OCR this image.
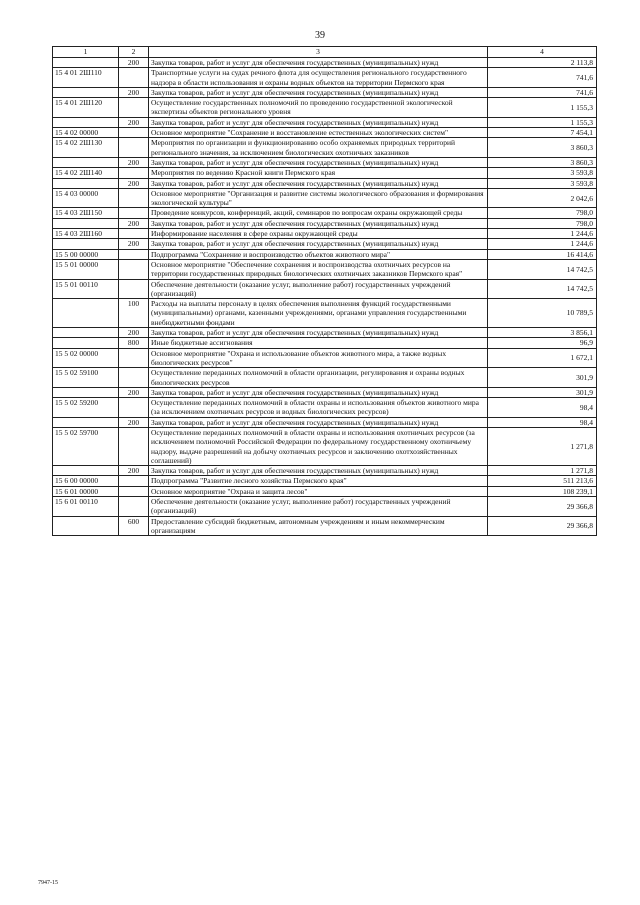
39
1	2	3	4
	200	Закупка товаров, работ и услуг для обеспечения государственных (муниципальных) нужд	2 113,8
15 4 01 2Ш110		Транспортные услуги на судах речного флота для осуществления регионального государственного надзора в области использования и охраны водных объектов на территории Пермского края	741,6
	200	Закупка товаров, работ и услуг для обеспечения государственных (муниципальных) нужд	741,6
15 4 01 2Ш120		Осуществление государственных полномочий по проведению государственной экологической экспертизы объектов регионального уровня	1 155,3
	200	Закупка товаров, работ и услуг для обеспечения государственных (муниципальных) нужд	1 155,3
15 4 02 00000		Основное мероприятие "Сохранение и восстановление естественных экологических систем"	7 454,1
15 4 02 2Ш130		Мероприятия по организации и функционированию особо охраняемых природных территорий регионального значения, за исключением биологических охотничьих заказников	3 860,3
	200	Закупка товаров, работ и услуг для обеспечения государственных (муниципальных) нужд	3 860,3
15 4 02 2Ш140		Мероприятия по ведению Красной книги Пермского края	3 593,8
	200	Закупка товаров, работ и услуг для обеспечения государственных (муниципальных) нужд	3 593,8
15 4 03 00000		Основное мероприятие "Организация и развитие системы экологического образования и формирования экологической культуры"	2 042,6
15 4 03 2Ш150		Проведение конкурсов, конференций, акций, семинаров по вопросам охраны окружающей среды	798,0
	200	Закупка товаров, работ и услуг для обеспечения государственных (муниципальных) нужд	798,0
15 4 03 2Ш160		Информирование населения в сфере охраны окружающей среды	1 244,6
	200	Закупка товаров, работ и услуг для обеспечения государственных (муниципальных) нужд	1 244,6
15 5 00 00000		Подпрограмма "Сохранение и воспроизводство объектов животного мира"	16 414,6
15 5 01 00000		Основное мероприятие "Обеспечение сохранения и воспроизводства охотничьих ресурсов на территории государственных природных биологических охотничьих заказников Пермского края"	14 742,5
15 5 01 00110		Обеспечение деятельности (оказание услуг, выполнение работ) государственных учреждений (организаций)	14 742,5
	100	Расходы на выплаты персоналу в целях обеспечения выполнения функций государственными (муниципальными) органами, казенными учреждениями, органами управления государственными внебюджетными фондами	10 789,5
	200	Закупка товаров, работ и услуг для обеспечения государственных (муниципальных) нужд	3 856,1
	800	Иные бюджетные ассигнования	96,9
15 5 02 00000		Основное мероприятие "Охрана и использование объектов животного мира, а также водных биологических ресурсов"	1 672,1
15 5 02 59100		Осуществление переданных полномочий в области организации, регулирования и охраны водных биологических ресурсов	301,9
	200	Закупка товаров, работ и услуг для обеспечения государственных (муниципальных) нужд	301,9
15 5 02 59200		Осуществление переданных полномочий в области охраны и использования объектов животного мира (за исключением охотничьих ресурсов и водных биологических ресурсов)	98,4
	200	Закупка товаров, работ и услуг для обеспечения государственных (муниципальных) нужд	98,4
15 5 02 59700		Осуществление переданных полномочий в области охраны и использования охотничьих ресурсов (за исключением полномочий Российской Федерации по федеральному государственному охотничьему надзору, выдаче разрешений на добычу охотничьих ресурсов и заключению охотхозяйственных соглашений)	1 271,8
	200	Закупка товаров, работ и услуг для обеспечения государственных (муниципальных) нужд	1 271,8
15 6 00 00000		Подпрограмма "Развитие лесного хозяйства Пермского края"	511 213,6
15 6 01 00000		Основное мероприятие "Охрана и защита лесов"	108 239,1
15 6 01 00110		Обеспечение деятельности (оказание услуг, выполнение работ) государственных учреждений (организаций)	29 366,8
	600	Предоставление субсидий бюджетным, автономным учреждениям и иным некоммерческим организациям	29 366,8
7947-15
